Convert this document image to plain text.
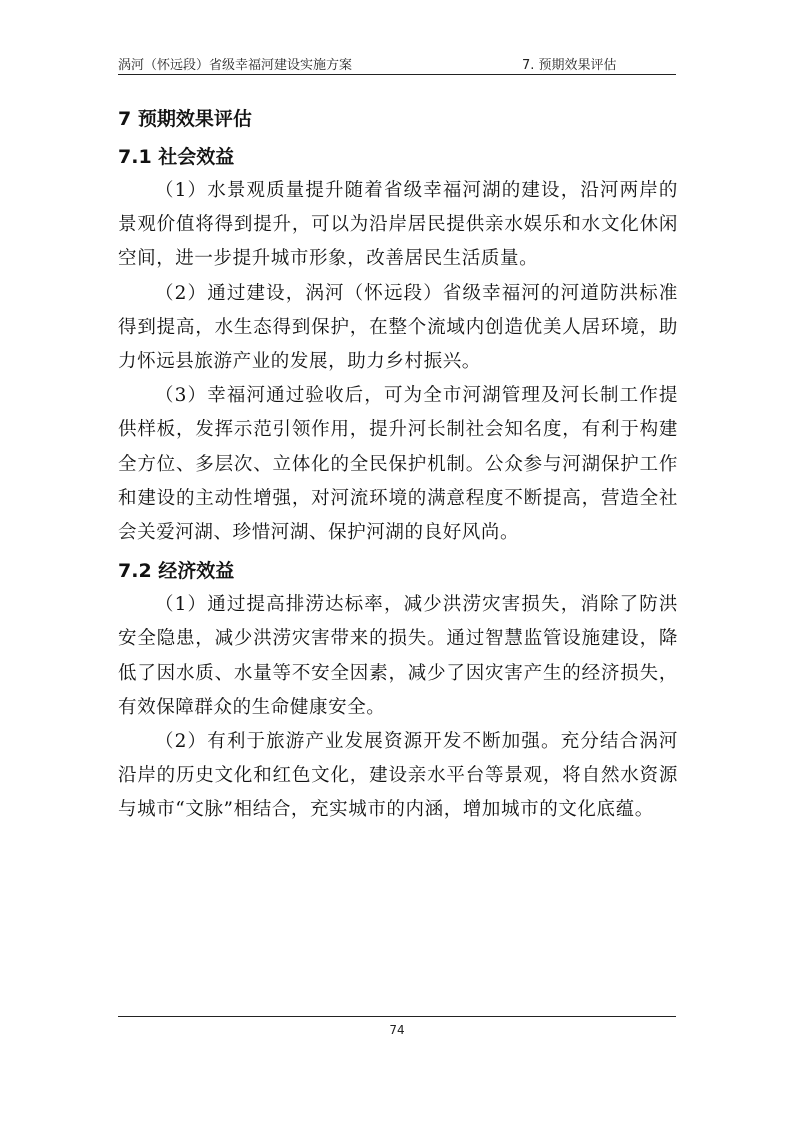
涡河（怀远段）省级幸福河建设实施方案	7. 预期效果评估
7 预期效果评估
7.1 社会效益

（1）水景观质量提升随着省级幸福河湖的建设，沿河两岸的景观价值将得到提升，可以为沿岸居民提供亲水娱乐和水文化休闲空间，进一步提升城市形象，改善居民生活质量。

（2）通过建设，涡河（怀远段）省级幸福河的河道防洪标准得到提高，水生态得到保护，在整个流域内创造优美人居环境，助力怀远县旅游产业的发展，助力乡村振兴。

（3）幸福河通过验收后，可为全市河湖管理及河长制工作提供样板，发挥示范引领作用，提升河长制社会知名度，有利于构建全方位、多层次、立体化的全民保护机制。公众参与河湖保护工作和建设的主动性增强，对河流环境的满意程度不断提高，营造全社会关爱河湖、珍惜河湖、保护河湖的良好风尚。

7.2 经济效益

（1）通过提高排涝达标率，减少洪涝灾害损失，消除了防洪安全隐患，减少洪涝灾害带来的损失。通过智慧监管设施建设，降低了因水质、水量等不安全因素，减少了因灾害产生的经济损失，有效保障群众的生命健康安全。

（2）有利于旅游产业发展资源开发不断加强。充分结合涡河沿岸的历史文化和红色文化，建设亲水平台等景观，将自然水资源与城市“文脉”相结合，充实城市的内涵，增加城市的文化底蕴。

74
